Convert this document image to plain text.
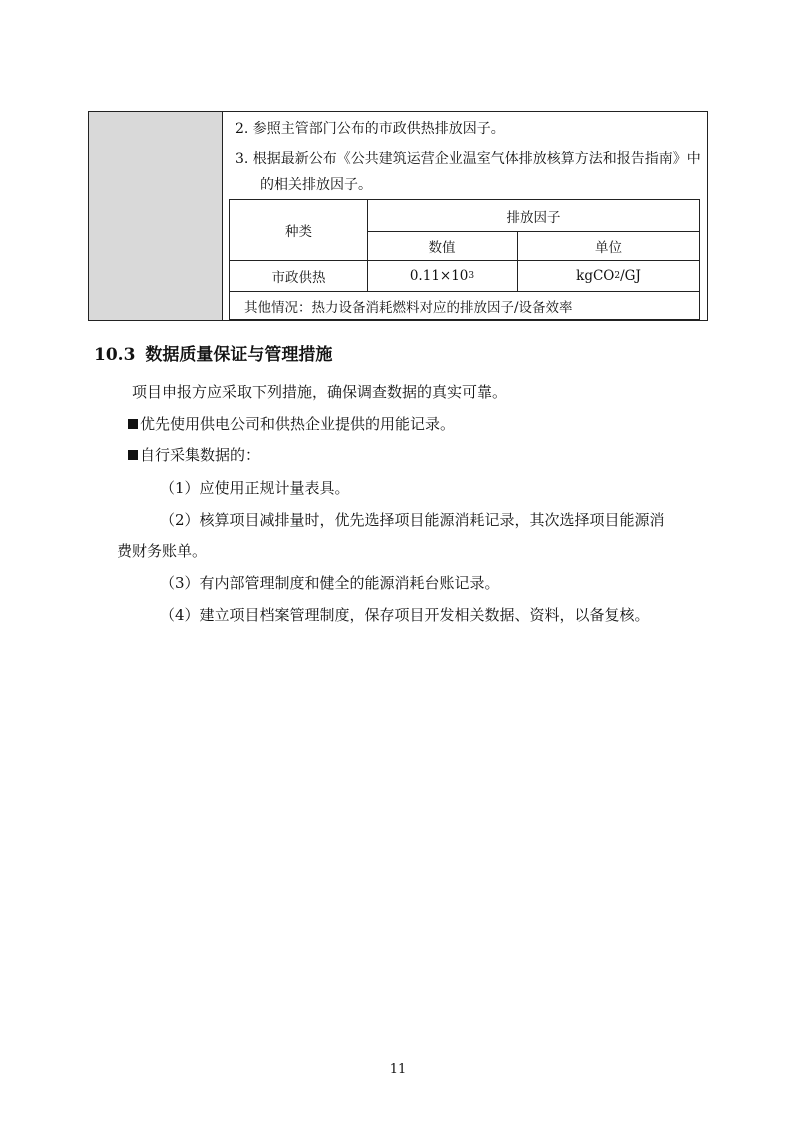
2. 参照主管部门公布的市政供热排放因子。
3. 根据最新公布《公共建筑运营企业温室气体排放核算方法和报告指南》中
的相关排放因子。
种类
排放因子
数值	单位
市政供热	0.11×10 3	kgCO 2 /GJ
其他情况：热力设备消耗燃料对应的排放因子/设备效率
10.3 数据质量保证与管理措施
项目申报方应采取下列措施，确保调查数据的真实可靠。
优先使用供电公司和供热企业提供的用能记录。
自行采集数据的：
（1）应使用正规计量表具。
（2）核算项目减排量时，优先选择项目能源消耗记录，其次选择项目能源消
费财务账单。
（3）有内部管理制度和健全的能源消耗台账记录。
（4）建立项目档案管理制度，保存项目开发相关数据、资料，以备复核。
11
